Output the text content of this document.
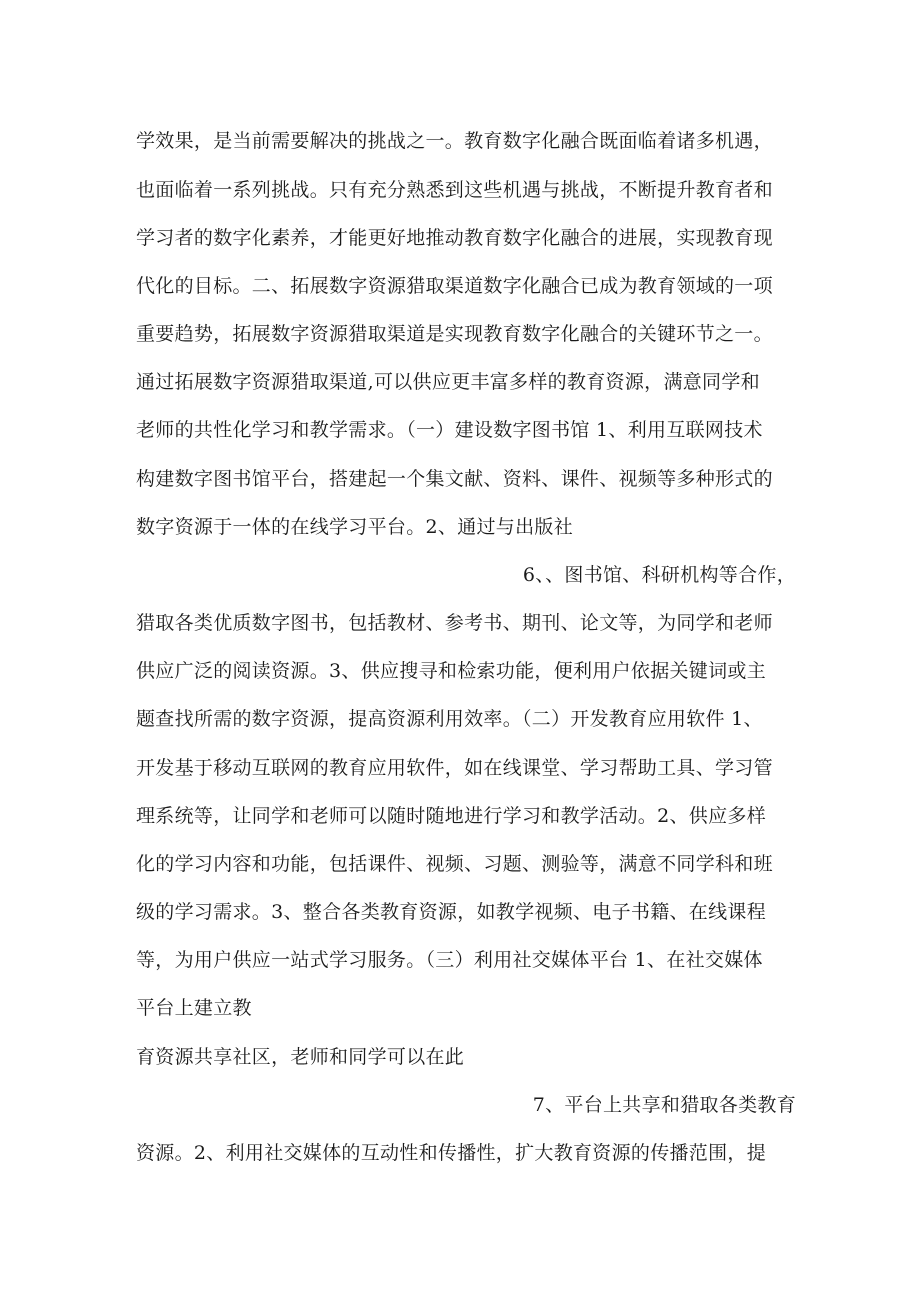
学效果，是当前需要解决的挑战之一。教育数字化融合既面临着诸多机遇，
也面临着一系列挑战。只有充分熟悉到这些机遇与挑战，不断提升教育者和
学习者的数字化素养，才能更好地推动教育数字化融合的进展，实现教育现
代化的目标。二、拓展数字资源猎取渠道数字化融合已成为教育领域的一项
重要趋势，拓展数字资源猎取渠道是实现教育数字化融合的关键环节之一。
通过拓展数字资源猎取渠道,可以供应更丰富多样的教育资源，满意同学和
老师的共性化学习和教学需求。（一）建设数字图书馆 1、利用互联网技术
构建数字图书馆平台，搭建起一个集文献、资料、课件、视频等多种形式的
数字资源于一体的在线学习平台。2、通过与出版社
6、、图书馆、科研机构等合作，
猎取各类优质数字图书，包括教材、参考书、期刊、论文等，为同学和老师
供应广泛的阅读资源。3、供应搜寻和检索功能，便利用户依据关键词或主
题查找所需的数字资源，提高资源利用效率。（二）开发教育应用软件 1、
开发基于移动互联网的教育应用软件，如在线课堂、学习帮助工具、学习管
理系统等，让同学和老师可以随时随地进行学习和教学活动。2、供应多样
化的学习内容和功能，包括课件、视频、习题、测验等，满意不同学科和班
级的学习需求。3、整合各类教育资源，如教学视频、电子书籍、在线课程
等，为用户供应一站式学习服务。（三）利用社交媒体平台 1、在社交媒体
平台上建立教
育资源共享社区，老师和同学可以在此
7、平台上共享和猎取各类教育
资源。2、利用社交媒体的互动性和传播性，扩大教育资源的传播范围，提
